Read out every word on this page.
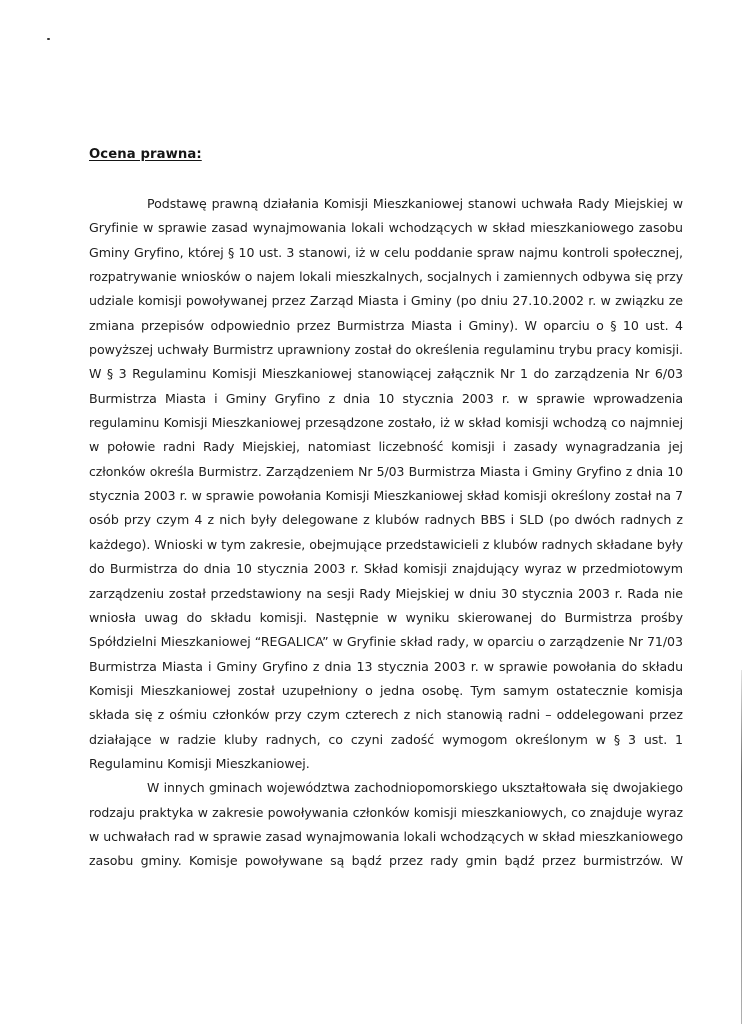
Ocena prawna:
Podstawę prawną działania Komisji Mieszkaniowej stanowi uchwała Rady Miejskiej w
Gryfinie w sprawie zasad wynajmowania lokali wchodzących w skład mieszkaniowego zasobu
Gminy Gryfino, której § 10 ust. 3 stanowi, iż w celu poddanie spraw najmu kontroli społecznej,
rozpatrywanie wniosków o najem lokali mieszkalnych, socjalnych i zamiennych odbywa się przy
udziale komisji powoływanej przez Zarząd Miasta i Gminy (po dniu 27.10.2002 r. w związku ze
zmiana przepisów odpowiednio przez Burmistrza Miasta i Gminy). W oparciu o § 10 ust. 4
powyższej uchwały Burmistrz uprawniony został do określenia regulaminu trybu pracy komisji.
W § 3 Regulaminu Komisji Mieszkaniowej stanowiącej załącznik Nr 1 do zarządzenia Nr 6/03
Burmistrza Miasta i Gminy Gryfino z dnia 10 stycznia 2003 r. w sprawie wprowadzenia
regulaminu Komisji Mieszkaniowej przesądzone zostało, iż w skład komisji wchodzą co najmniej
w połowie radni Rady Miejskiej, natomiast liczebność komisji i zasady wynagradzania jej
członków określa Burmistrz. Zarządzeniem Nr 5/03 Burmistrza Miasta i Gminy Gryfino z dnia 10
stycznia 2003 r. w sprawie powołania Komisji Mieszkaniowej skład komisji określony został na 7
osób przy czym 4 z nich były delegowane z klubów radnych BBS i SLD (po dwóch radnych z
każdego). Wnioski w tym zakresie, obejmujące przedstawicieli z klubów radnych składane były
do Burmistrza do dnia 10 stycznia 2003 r. Skład komisji znajdujący wyraz w przedmiotowym
zarządzeniu został przedstawiony na sesji Rady Miejskiej w dniu 30 stycznia 2003 r. Rada nie
wniosła uwag do składu komisji. Następnie w wyniku skierowanej do Burmistrza prośby
Spółdzielni Mieszkaniowej “REGALICA” w Gryfinie skład rady, w oparciu o zarządzenie Nr 71/03
Burmistrza Miasta i Gminy Gryfino z dnia 13 stycznia 2003 r. w sprawie powołania do składu
Komisji Mieszkaniowej został uzupełniony o jedna osobę. Tym samym ostatecznie komisja
składa się z ośmiu członków przy czym czterech z nich stanowią radni – oddelegowani przez
działające w radzie kluby radnych, co czyni zadość wymogom określonym w § 3 ust. 1
Regulaminu Komisji Mieszkaniowej.
W innych gminach województwa zachodniopomorskiego ukształtowała się dwojakiego
rodzaju praktyka w zakresie powoływania członków komisji mieszkaniowych, co znajduje wyraz
w uchwałach rad w sprawie zasad wynajmowania lokali wchodzących w skład mieszkaniowego
zasobu gminy. Komisje powoływane są bądź przez rady gmin bądź przez burmistrzów. W
